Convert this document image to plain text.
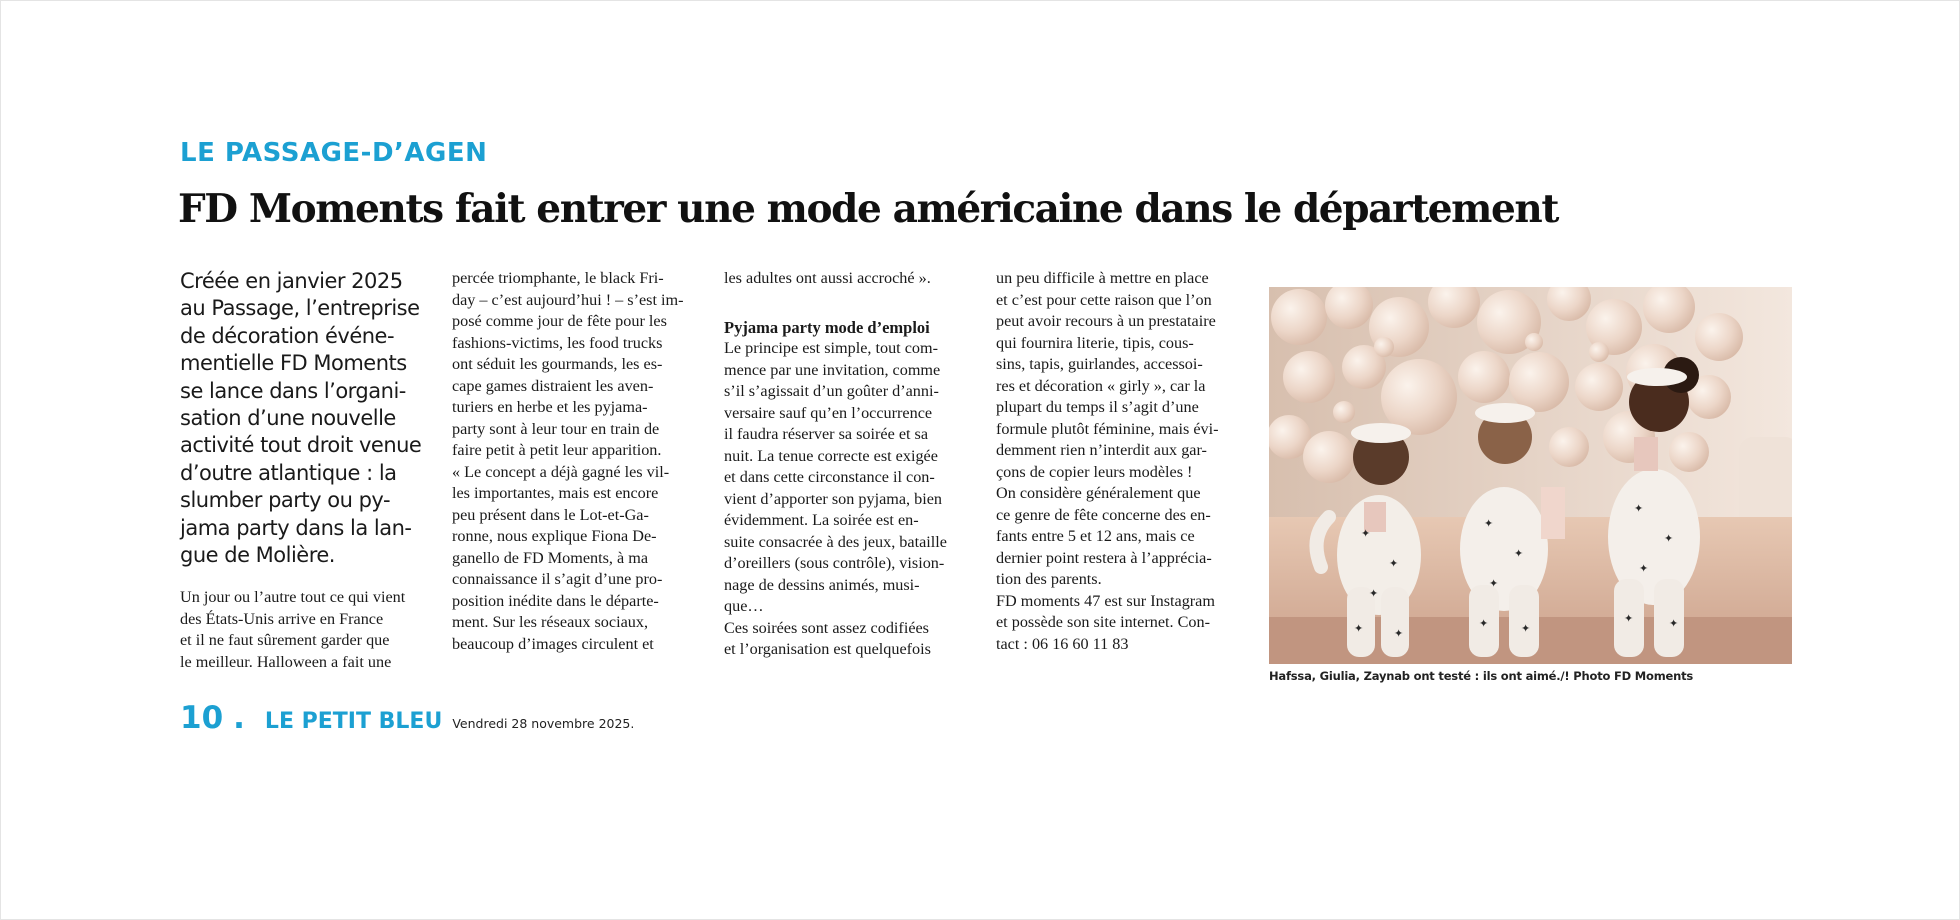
LE PASSAGE-D’AGEN
FD Moments fait entrer une mode américaine dans le département
Créée en janvier 2025
au Passage, l’entreprise
de décoration événe-
mentielle FD Moments
se lance dans l’organi-
sation d’une nouvelle
activité tout droit venue
d’outre atlantique : la
slumber party ou py-
jama party dans la lan-
gue de Molière.
Un jour ou l’autre tout ce qui vient
des États-Unis arrive en France
et il ne faut sûrement garder que
le meilleur. Halloween a fait une
percée triomphante, le black Fri-
day – c’est aujourd’hui ! – s’est im-
posé comme jour de fête pour les
fashions-victims, les food trucks
ont séduit les gourmands, les es-
cape games distraient les aven-
turiers en herbe et les pyjama-
party sont à leur tour en train de
faire petit à petit leur apparition.
« Le concept a déjà gagné les vil-
les importantes, mais est encore
peu présent dans le Lot-et-Ga-
ronne, nous explique Fiona De-
ganello de FD Moments, à ma
connaissance il s’agit d’une pro-
position inédite dans le départe-
ment. Sur les réseaux sociaux,
beaucoup d’images circulent et

les adultes ont aussi accroché ».

Pyjama party mode d’emploi

Le principe est simple, tout com-
mence par une invitation, comme
s’il s’agissait d’un goûter d’anni-
versaire sauf qu’en l’occurrence
il faudra réserver sa soirée et sa
nuit. La tenue correcte est exigée
et dans cette circonstance il con-
vient d’apporter son pyjama, bien
évidemment. La soirée est en-
suite consacrée à des jeux, bataille
d’oreillers (sous contrôle), vision-
nage de dessins animés, musi-
que…
Ces soirées sont assez codifiées
et l’organisation est quelquefois
un peu difficile à mettre en place
et c’est pour cette raison que l’on
peut avoir recours à un prestataire
qui fournira literie, tipis, cous-
sins, tapis, guirlandes, accessoi-
res et décoration « girly », car la
plupart du temps il s’agit d’une
formule plutôt féminine, mais évi-
demment rien n’interdit aux gar-
çons de copier leurs modèles !
On considère généralement que
ce genre de fête concerne des en-
fants entre 5 et 12 ans, mais ce
dernier point restera à l’apprécia-
tion des parents.
FD moments 47 est sur Instagram
et possède son site internet. Con-
tact : 06 16 60 11 83
✦
✦
✦
✦	✦
✦
✦
✦
✦	✦
✦
✦
✦
✦	✦
Hafssa, Giulia, Zaynab ont testé : ils ont aimé./! Photo FD Moments
10 . LE PETIT BLEU Vendredi 28 novembre 2025.
